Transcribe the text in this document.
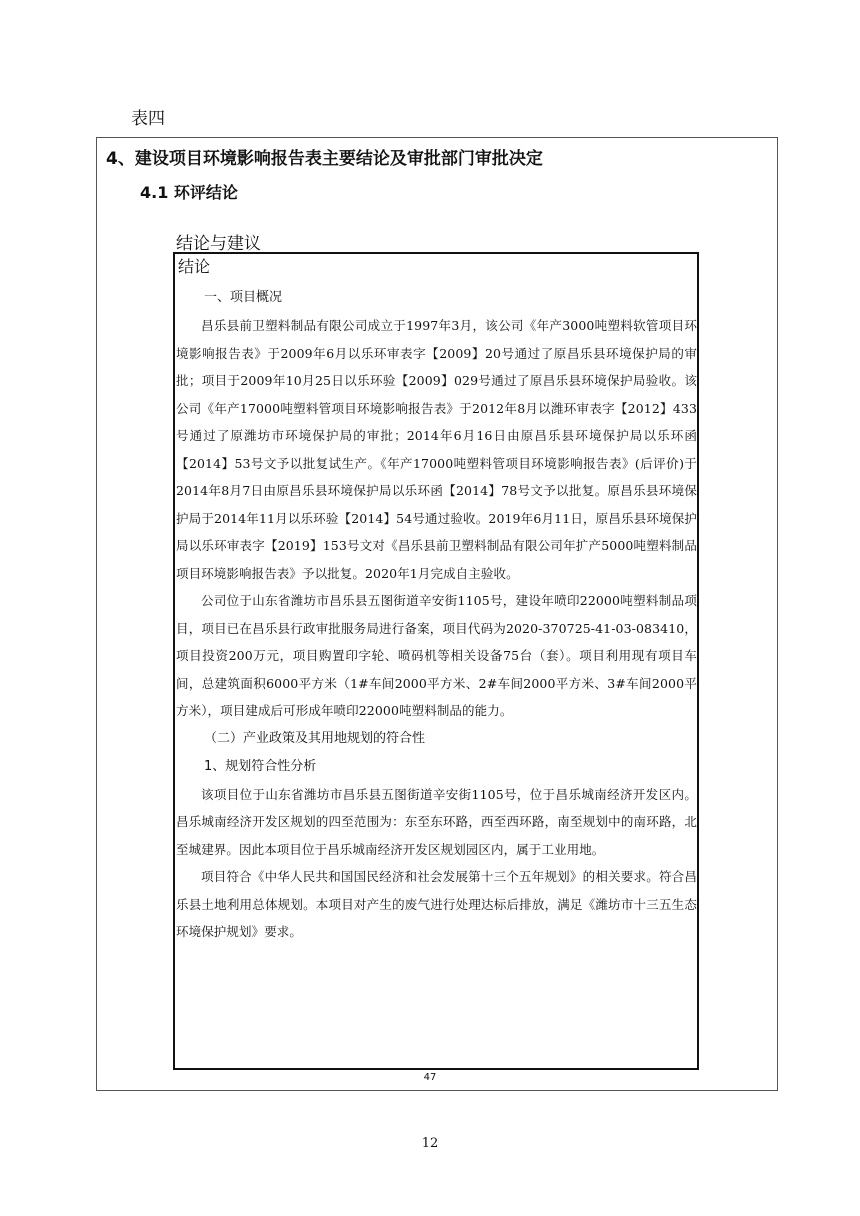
表四
4、建设项目环境影响报告表主要结论及审批部门审批决定
4.1 环评结论
结论与建议

结论

一、项目概况

昌乐县前卫塑料制品有限公司成立于1997年3月，该公司《年产3000吨塑料软管项目环境影响报告表》于2009年6月以乐环审表字【2009】20号通过了原昌乐县环境保护局的审批；项目于2009年10月25日以乐环验【2009】029号通过了原昌乐县环境保护局验收。该公司《年产17000吨塑料管项目环境影响报告表》于2012年8月以潍环审表字【2012】433号通过了原潍坊市环境保护局的审批；2014年6月16日由原昌乐县环境保护局以乐环函【2014】53号文予以批复试生产。《年产17000吨塑料管项目环境影响报告表》(后评价)于2014年8月7日由原昌乐县环境保护局以乐环函【2014】78号文予以批复。原昌乐县环境保护局于2014年11月以乐环验【2014】54号通过验收。2019年6月11日，原昌乐县环境保护局以乐环审表字【2019】153号文对《昌乐县前卫塑料制品有限公司年扩产5000吨塑料制品项目环境影响报告表》予以批复。2020年1月完成自主验收。

公司位于山东省潍坊市昌乐县五图街道辛安街1105号，建设年喷印22000吨塑料制品项目，项目已在昌乐县行政审批服务局进行备案，项目代码为2020-370725-41-03-083410，项目投资200万元，项目购置印字轮、喷码机等相关设备75台（套）。项目利用现有项目车间，总建筑面积6000平方米（1#车间2000平方米、2#车间2000平方米、3#车间2000平方米），项目建成后可形成年喷印22000吨塑料制品的能力。

（二）产业政策及其用地规划的符合性

1、规划符合性分析

该项目位于山东省潍坊市昌乐县五图街道辛安街1105号，位于昌乐城南经济开发区内。昌乐城南经济开发区规划的四至范围为：东至东环路，西至西环路，南至规划中的南环路，北至城建界。因此本项目位于昌乐城南经济开发区规划园区内，属于工业用地。

项目符合《中华人民共和国国民经济和社会发展第十三个五年规划》的相关要求。符合昌乐县土地利用总体规划。本项目对产生的废气进行处理达标后排放，满足《潍坊市十三五生态环境保护规划》要求。

47
12
